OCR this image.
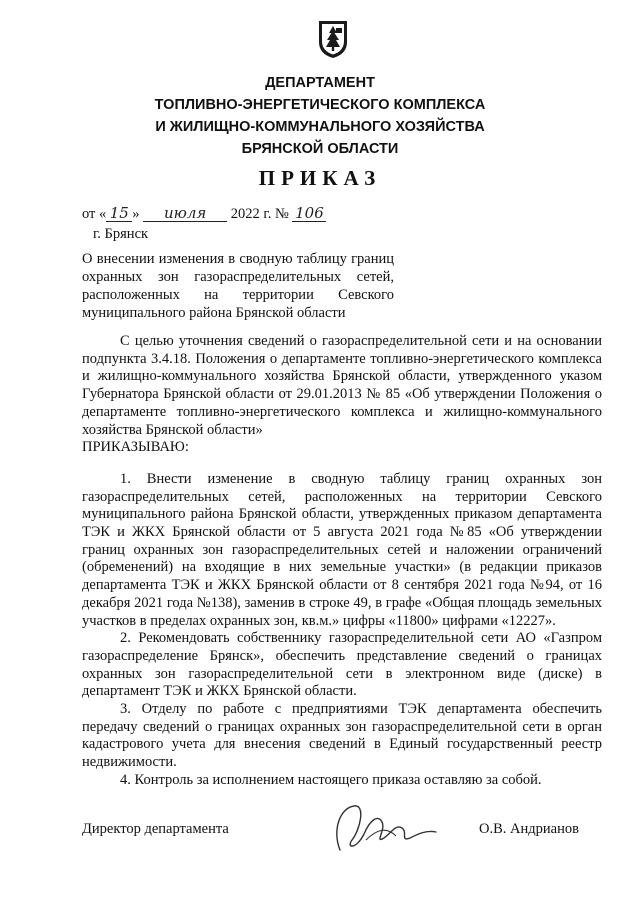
ДЕПАРТАМЕНТ
ТОПЛИВНО-ЭНЕРГЕТИЧЕСКОГО КОМПЛЕКСА
И ЖИЛИЩНО-КОММУНАЛЬНОГО ХОЗЯЙСТВА
БРЯНСКОЙ ОБЛАСТИ
ПРИКАЗ
от « 15 » июля 2022 г. № 106
г. Брянск
О внесении изменения в сводную таблицу границ охранных зон газораспределительных сетей, расположенных на территории Севского муниципального района Брянской области

С целью уточнения сведений о газораспределительной сети и на основании подпункта 3.4.18. Положения о департаменте топливно-энергетического комплекса и жилищно-коммунального хозяйства Брянской области, утвержденного указом Губернатора Брянской области от 29.01.2013 № 85 «Об утверждении Положения о департаменте топливно-энергетического комплекса и жилищно-коммунального хозяйства Брянской области»

ПРИКАЗЫВАЮ:

1. Внести изменение в сводную таблицу границ охранных зон газораспределительных сетей, расположенных на территории Севского муниципального района Брянской области, утвержденных приказом департамента ТЭК и ЖКХ Брянской области от 5 августа 2021 года №85 «Об утверждении границ охранных зон газораспределительных сетей и наложении ограничений (обременений) на входящие в них земельные участки» (в редакции приказов департамента ТЭК и ЖКХ Брянской области от 8 сентября 2021 года №94, от 16 декабря 2021 года №138), заменив в строке 49, в графе «Общая площадь земельных участков в пределах охранных зон, кв.м.» цифры «11800» цифрами «12227».

2. Рекомендовать собственнику газораспределительной сети АО «Газпром газораспределение Брянск», обеспечить представление сведений о границах охранных зон газораспределительной сети в электронном виде (диске) в департамент ТЭК и ЖКХ Брянской области.

3. Отделу по работе с предприятиями ТЭК департамента обеспечить передачу сведений о границах охранных зон газораспределительной сети в орган кадастрового учета для внесения сведений в Единый государственный реестр недвижимости.

4. Контроль за исполнением настоящего приказа оставляю за собой.

Директор департамента	О.В. Андрианов
